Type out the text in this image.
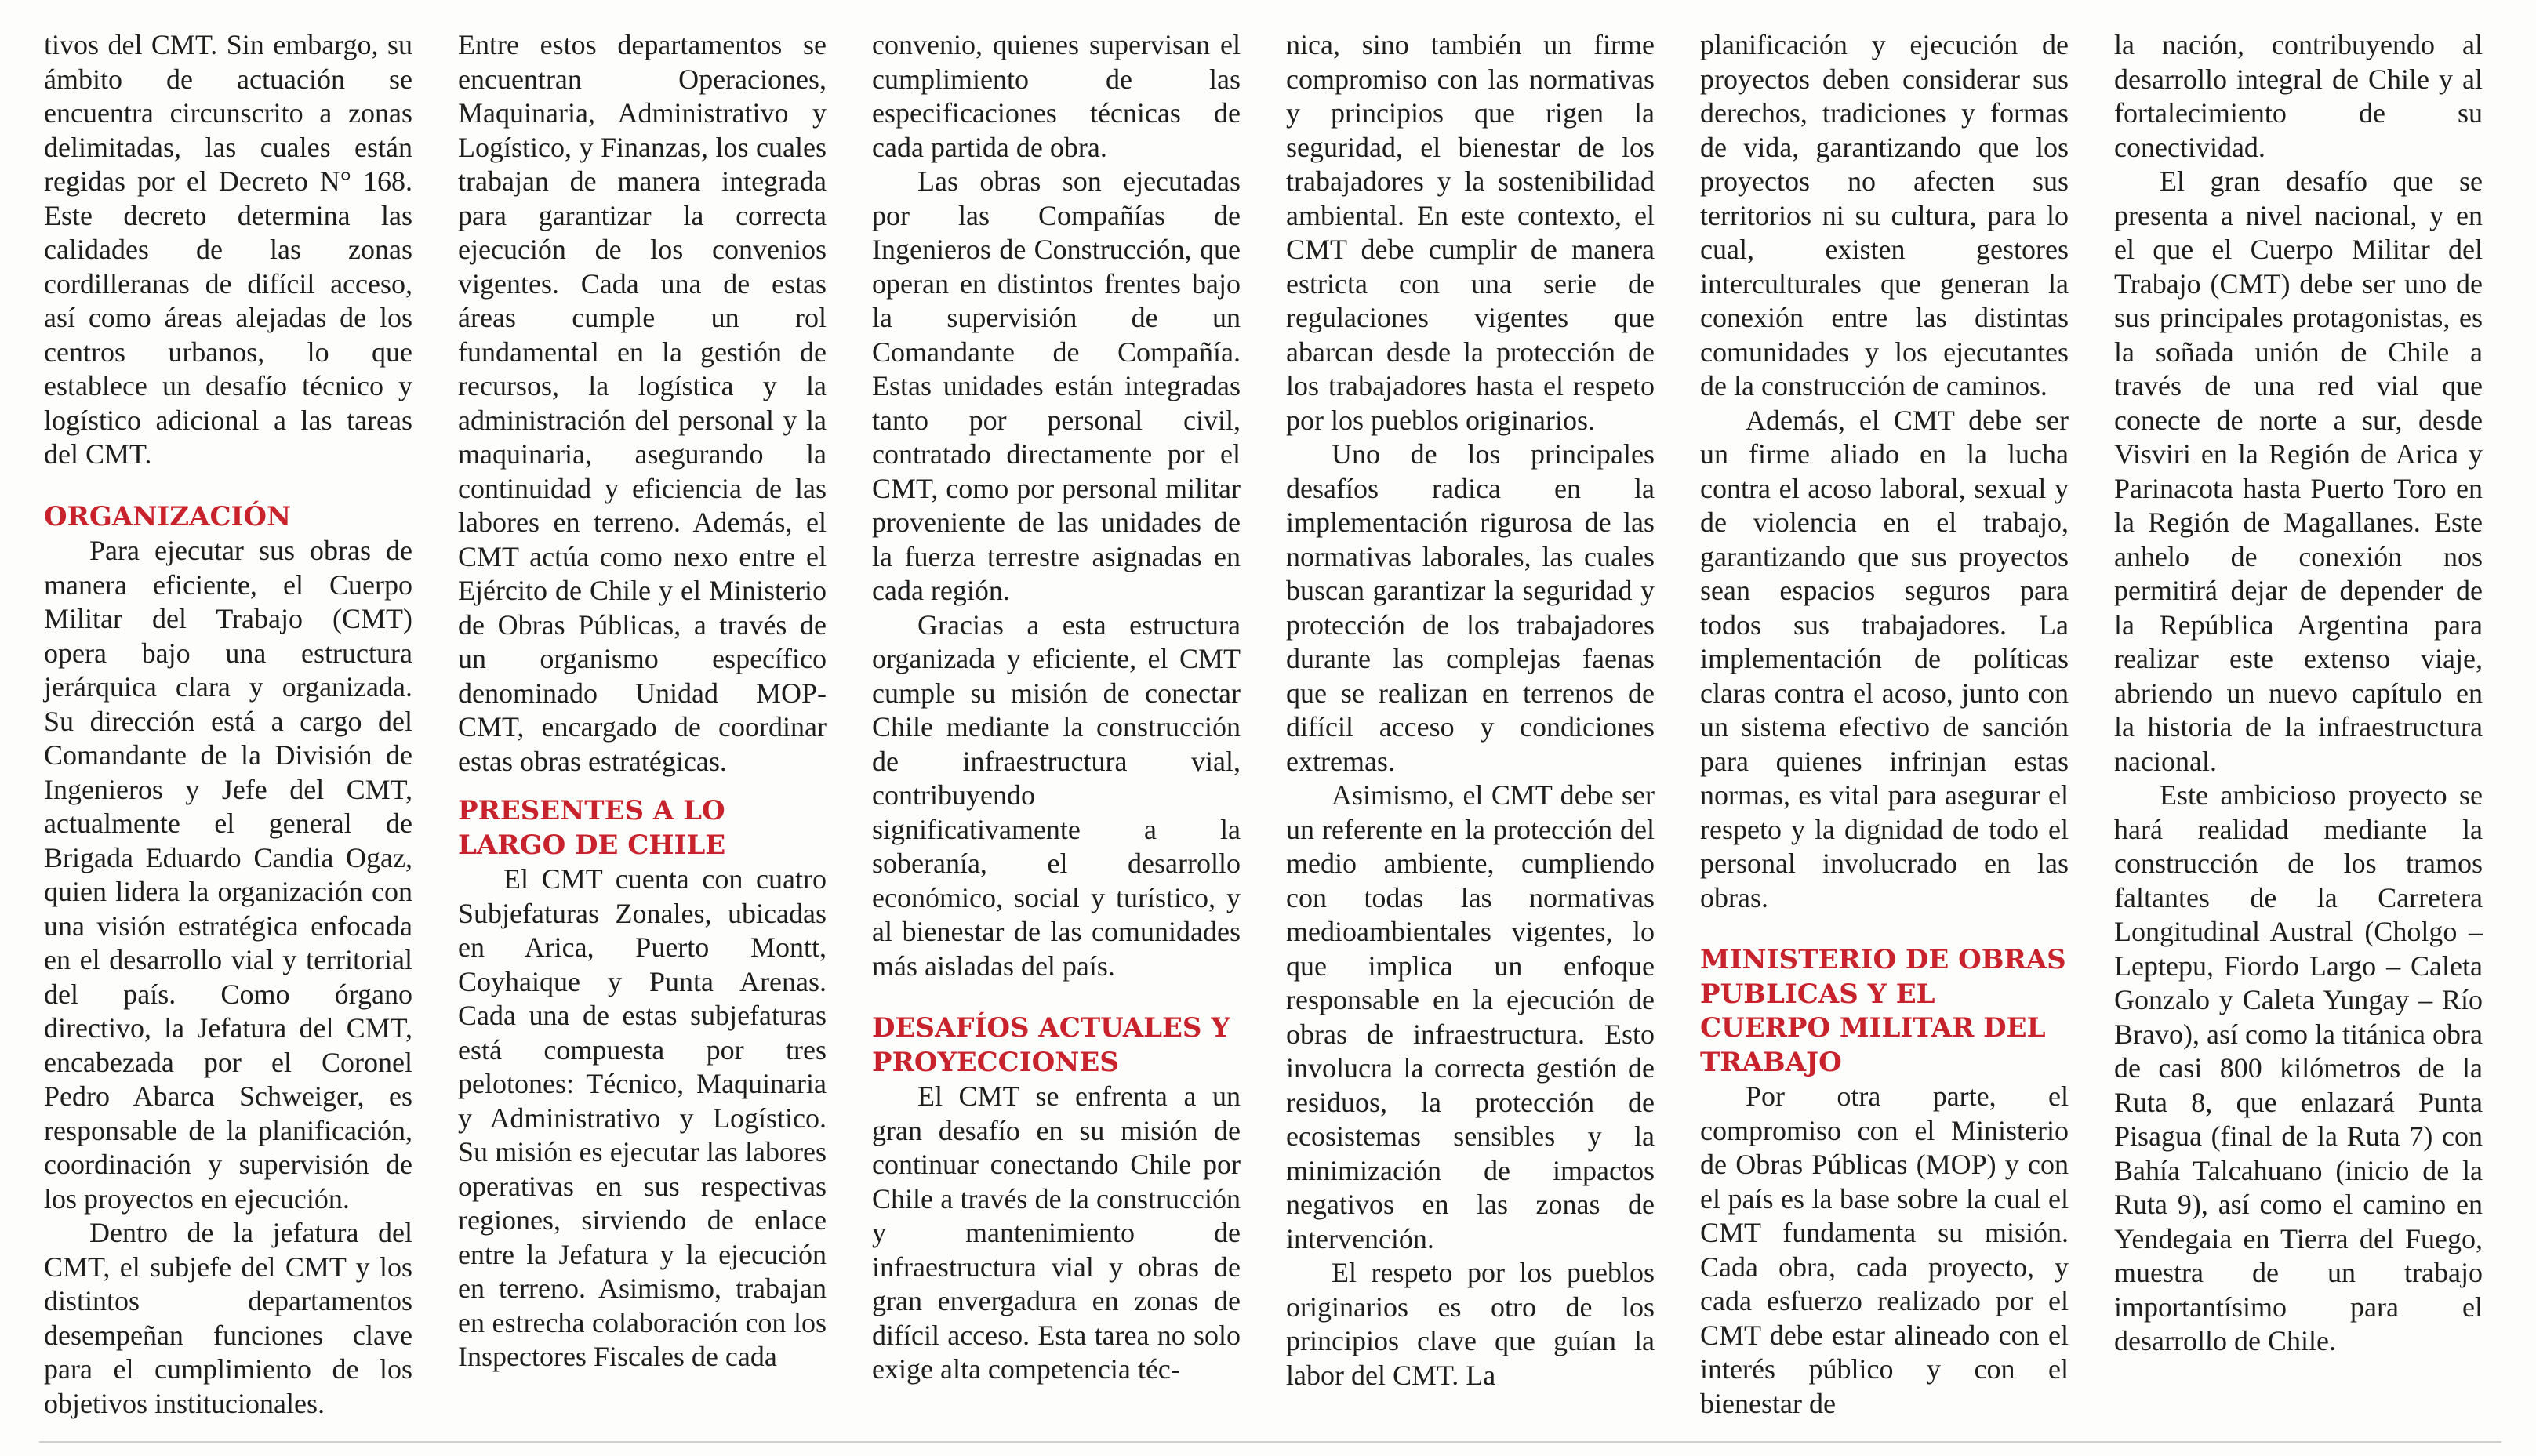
tivos del CMT. Sin embargo, su ámbito de actuación se encuentra circunscrito a zonas delimitadas, las cuales están regidas por el Decreto N° 168. Este decreto determina las calidades de las zonas cordilleranas de difícil acceso, así como áreas alejadas de los centros urbanos, lo que establece un desafío técnico y logístico adicional a las tareas del CMT.

ORGANIZACIÓN

Para ejecutar sus obras de manera eficiente, el Cuerpo Militar del Trabajo (CMT) opera bajo una estructura jerárquica clara y organizada. Su dirección está a cargo del Comandante de la División de Ingenieros y Jefe del CMT, actualmente el general de Brigada Eduardo Candia Ogaz, quien lidera la organización con una visión estratégica enfocada en el desarrollo vial y territorial del país. Como órgano directivo, la Jefatura del CMT, encabezada por el Coronel Pedro Abarca Schweiger, es responsable de la planificación, coordinación y supervisión de los proyectos en ejecución.

Dentro de la jefatura del CMT, el subjefe del CMT y los distintos departamentos desempeñan funciones clave para el cumplimiento de los objetivos institucionales.

Entre estos departamentos se encuentran Operaciones, Maquinaria, Administrativo y Logístico, y Finanzas, los cuales trabajan de manera integrada para garantizar la correcta ejecución de los convenios vigentes. Cada una de estas áreas cumple un rol fundamental en la gestión de recursos, la logística y la administración del personal y la maquinaria, asegurando la continuidad y eficiencia de las labores en terreno. Además, el CMT actúa como nexo entre el Ejército de Chile y el Ministerio de Obras Públicas, a través de un organismo específico denominado Unidad MOP-CMT, encargado de coordinar estas obras estratégicas.

PRESENTES A LO LARGO DE CHILE

El CMT cuenta con cuatro Subjefaturas Zonales, ubicadas en Arica, Puerto Montt, Coyhaique y Punta Arenas. Cada una de estas subjefaturas está compuesta por tres pelotones: Técnico, Maquinaria y Administrativo y Logístico. Su misión es ejecutar las labores operativas en sus respectivas regiones, sirviendo de enlace entre la Jefatura y la ejecución en terreno. Asimismo, trabajan en estrecha colaboración con los Inspectores Fiscales de cada

convenio, quienes supervisan el cumplimiento de las especificaciones técnicas de cada partida de obra.

Las obras son ejecutadas por las Compañías de Ingenieros de Construcción, que operan en distintos frentes bajo la supervisión de un Comandante de Compañía. Estas unidades están integradas tanto por personal civil, contratado directamente por el CMT, como por personal militar proveniente de las unidades de la fuerza terrestre asignadas en cada región.

Gracias a esta estructura organizada y eficiente, el CMT cumple su misión de conectar Chile mediante la construcción de infraestructura vial, contribuyendo significativamente a la soberanía, el desarrollo económico, social y turístico, y al bienestar de las comunidades más aisladas del país.

DESAFÍOS ACTUALES Y PROYECCIONES

El CMT se enfrenta a un gran desafío en su misión de continuar conectando Chile por Chile a través de la construcción y mantenimiento de infraestructura vial y obras de gran envergadura en zonas de difícil acceso. Esta tarea no solo exige alta competencia téc-

nica, sino también un firme compromiso con las normativas y principios que rigen la seguridad, el bienestar de los trabajadores y la sostenibilidad ambiental. En este contexto, el CMT debe cumplir de manera estricta con una serie de regulaciones vigentes que abarcan desde la protección de los trabajadores hasta el respeto por los pueblos originarios.

Uno de los principales desafíos radica en la implementación rigurosa de las normativas laborales, las cuales buscan garantizar la seguridad y protección de los trabajadores durante las complejas faenas que se realizan en terrenos de difícil acceso y condiciones extremas.

Asimismo, el CMT debe ser un referente en la protección del medio ambiente, cumpliendo con todas las normativas medioambientales vigentes, lo que implica un enfoque responsable en la ejecución de obras de infraestructura. Esto involucra la correcta gestión de residuos, la protección de ecosistemas sensibles y la minimización de impactos negativos en las zonas de intervención.

El respeto por los pueblos originarios es otro de los principios clave que guían la labor del CMT. La

planificación y ejecución de proyectos deben considerar sus derechos, tradiciones y formas de vida, garantizando que los proyectos no afecten sus territorios ni su cultura, para lo cual, existen gestores interculturales que generan la conexión entre las distintas comunidades y los ejecutantes de la construcción de caminos.

Además, el CMT debe ser un firme aliado en la lucha contra el acoso laboral, sexual y de violencia en el trabajo, garantizando que sus proyectos sean espacios seguros para todos sus trabajadores. La implementación de políticas claras contra el acoso, junto con un sistema efectivo de sanción para quienes infrinjan estas normas, es vital para asegurar el respeto y la dignidad de todo el personal involucrado en las obras.

MINISTERIO DE OBRAS PUBLICAS Y EL CUERPO MILITAR DEL TRABAJO

Por otra parte, el compromiso con el Ministerio de Obras Públicas (MOP) y con el país es la base sobre la cual el CMT fundamenta su misión. Cada obra, cada proyecto, y cada esfuerzo realizado por el CMT debe estar alineado con el interés público y con el bienestar de

la nación, contribuyendo al desarrollo integral de Chile y al fortalecimiento de su conectividad.

El gran desafío que se presenta a nivel nacional, y en el que el Cuerpo Militar del Trabajo (CMT) debe ser uno de sus principales protagonistas, es la soñada unión de Chile a través de una red vial que conecte de norte a sur, desde Visviri en la Región de Arica y Parinacota hasta Puerto Toro en la Región de Magallanes. Este anhelo de conexión nos permitirá dejar de depender de la República Argentina para realizar este extenso viaje, abriendo un nuevo capítulo en la historia de la infraestructura nacional.

Este ambicioso proyecto se hará realidad mediante la construcción de los tramos faltantes de la Carretera Longitudinal Austral (Cholgo – Leptepu, Fiordo Largo – Caleta Gonzalo y Caleta Yungay – Río Bravo), así como la titánica obra de casi 800 kilómetros de la Ruta 8, que enlazará Punta Pisagua (final de la Ruta 7) con Bahía Talcahuano (inicio de la Ruta 9), así como el camino en Yendegaia en Tierra del Fuego, muestra de un trabajo importantísimo para el desarrollo de Chile.
